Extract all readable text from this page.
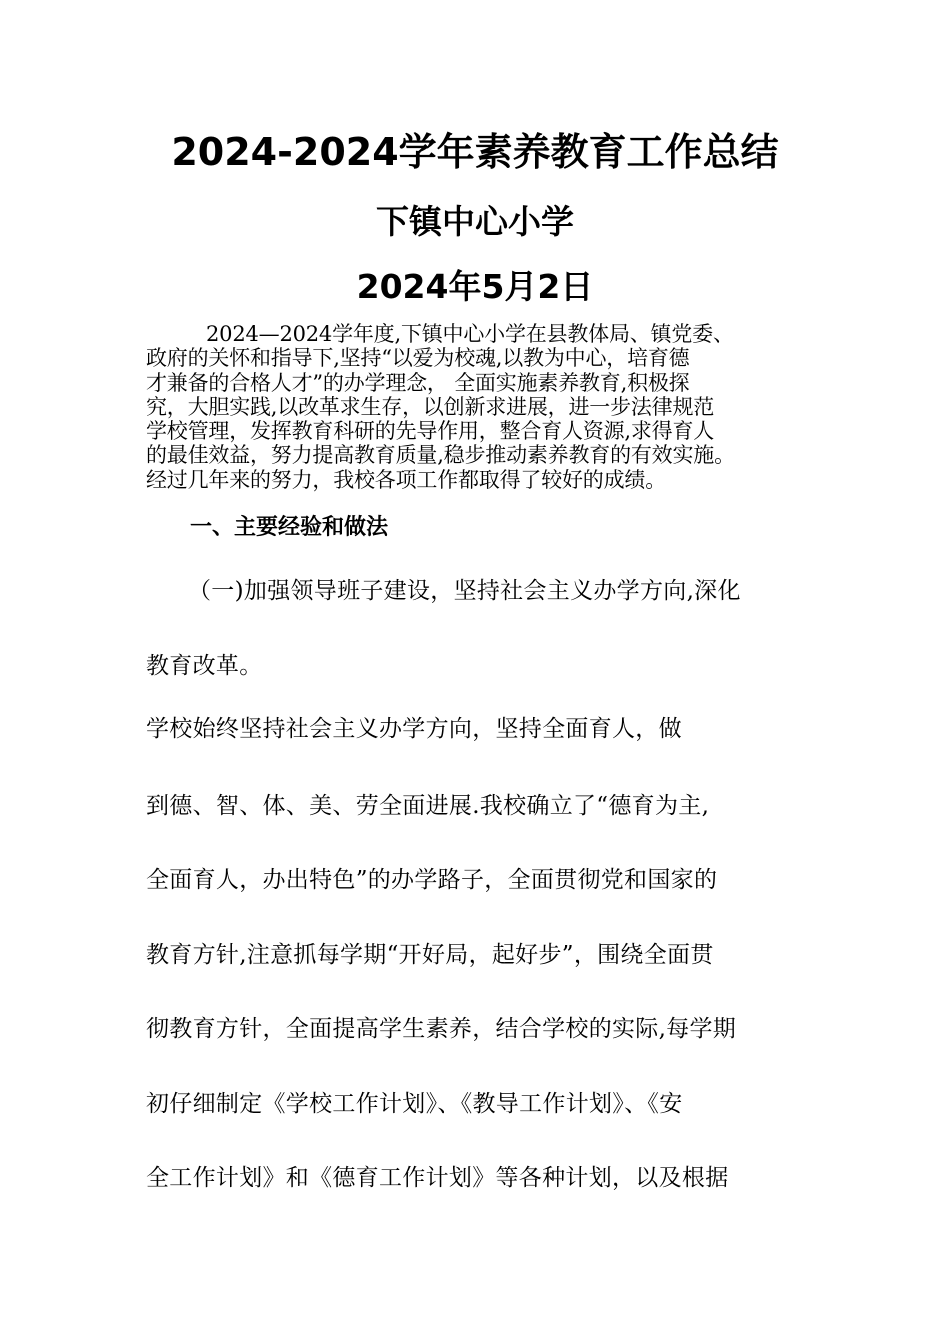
2024-2024学年素养教育工作总结
下镇中心小学
2024年5月2日
2024—2024学年度,下镇中心小学在县教体局、镇党委、
政府的关怀和指导下,坚持“以爱为校魂,以教为中心，培育德
才兼备的合格人才”的办学理念， 全面实施素养教育,积极探
究，大胆实践,以改革求生存，以创新求进展，进一步法律规范
学校管理，发挥教育科研的先导作用，整合育人资源,求得育人
的最佳效益，努力提高教育质量,稳步推动素养教育的有效实施。
经过几年来的努力，我校各项工作都取得了较好的成绩。
一、主要经验和做法
（一)加强领导班子建设，坚持社会主义办学方向,深化
教育改革。
学校始终坚持社会主义办学方向，坚持全面育人，做
到德、智、体、美、劳全面进展.我校确立了“德育为主,
全面育人，办出特色”的办学路子，全面贯彻党和国家的
教育方针,注意抓每学期“开好局，起好步”，围绕全面贯
彻教育方针，全面提高学生素养，结合学校的实际,每学期
初仔细制定《学校工作计划》、《教导工作计划》、《安
全工作计划》和《德育工作计划》等各种计划，以及根据
